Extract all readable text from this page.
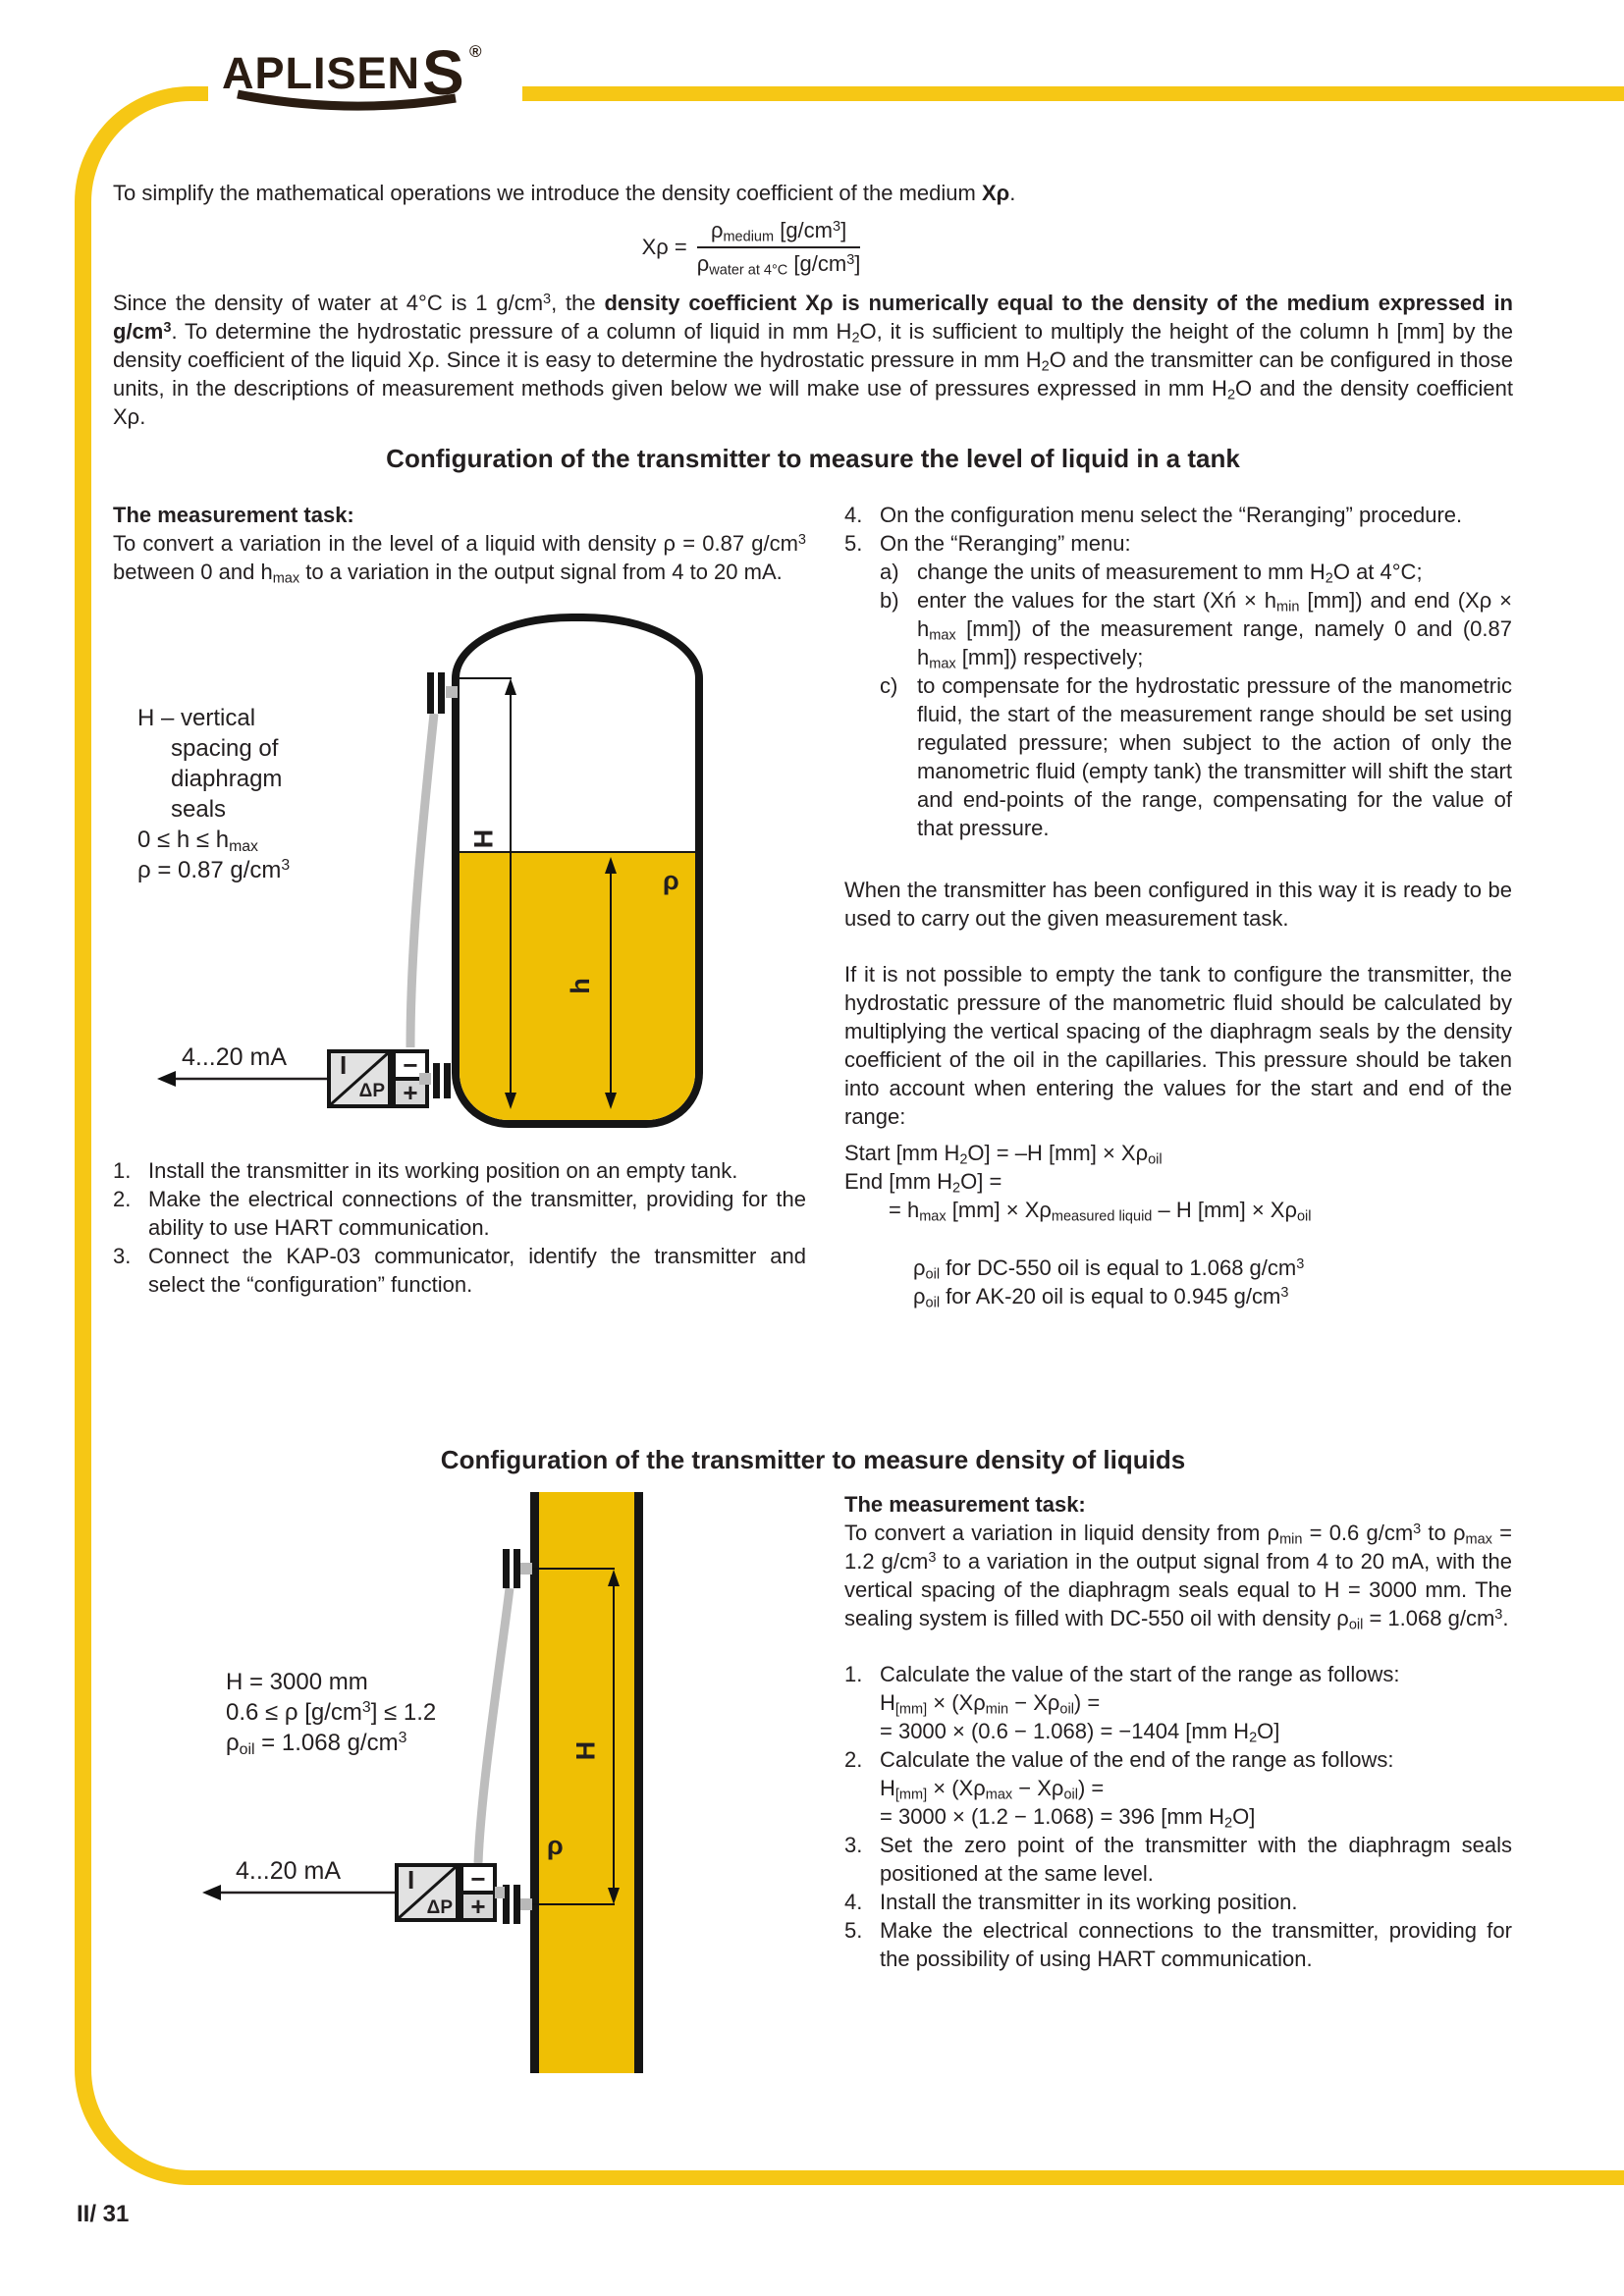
APLISEN S ®
To simplify the mathematical operations we introduce the density coefficient of the medium Xρ.
$X\rho = \frac{\rho_{medium} [g/cm^3]}{\rho_{water at 4^\circ C} [g/cm^3]}$
Since the density of water at 4°C is 1 $g/cm^3$, the density coefficient Xρ is numerically equal to the density of the medium expressed in $g/cm^3$. To determine the hydrostatic pressure of a column of liquid in mm $H_2O$, it is sufficient to multiply the height of the column h [mm] by the density coefficient of the liquid Xρ. Since it is easy to determine the hydrostatic pressure in mm $H_2O$ and the transmitter can be configured in those units, in the descriptions of measurement methods given below we will make use of pressures expressed in mm $H_2O$ and the density coefficient Xρ.
Configuration of the transmitter to measure the level of liquid in a tank
The measurement task:
To convert a variation in the level of a liquid with density ρ = 0.87 $g/cm^3$ between 0 and $h_{max}$ to a variation in the output signal from 4 to 20 mA.
I
ΔP
−
+
4...20 mA
H
h
ρ
H – vertical
spacing of
diaphragm
seals
$0 \le h \le h_{max}$
ρ = 0.87 $g/cm^3$
1. Install the transmitter in its working position on an empty tank.
2. Make the electrical connections of the transmitter, providing for the ability to use HART communication.
3. Connect the KAP-03 communicator, identify the transmitter and select the “configuration” function.
4. On the configuration menu select the “Reranging” procedure.
5. On the “Reranging” menu:
a) change the units of measurement to mm $H_2O$ at 4°C;
b) enter the values for the start (Xń × $h_{min}$ [mm]) and end ($X\rho \times h_{max}$ [mm]) of the measurement range, namely 0 and (0.87 $h_{max}$ [mm]) respectively;
c) to compensate for the hydrostatic pressure of the manometric fluid, the start of the measurement range should be set using regulated pressure; when subject to the action of only the manometric fluid (empty tank) the transmitter will shift the start and end-points of the range, compensating for the value of that pressure.
When the transmitter has been configured in this way it is ready to be used to carry out the given measurement task.
If it is not possible to empty the tank to configure the transmitter, the hydrostatic pressure of the manometric fluid should be calculated by multiplying the vertical spacing of the diaphragm seals by the density coefficient of the oil in the capillaries. This pressure should be taken into account when entering the values for the start and end of the range:
Start [mm $H_2O] = -H$ $[mm] \times X\rho_{oil}$
End [mm $H_2O$] =
= $h_{max}$ $[mm] \times X\rho_{measured liquid} - H$ $[mm] \times X\rho_{oil}$
$\rho_{oil}$ for DC-550 oil is equal to 1.068 $g/cm^3$
$\rho_{oil}$ for AK-20 oil is equal to 0.945 $g/cm^3$
Configuration of the transmitter to measure density of liquids
I
ΔP
−
+
4...20 mA
H
ρ
H = 3000 mm
0.6 ≤ ρ $[g/cm^3] \le 1.2$
$\rho_{oil} = 1.068$ $g/cm^3$
The measurement task:
To convert a variation in liquid density from $\rho_{min} = 0.6$ $g/cm^3$ to $\rho_{max} = 1.2$ $g/cm^3$ to a variation in the output signal from 4 to 20 mA, with the vertical spacing of the diaphragm seals equal to H = 3000 mm. The sealing system is filled with DC-550 oil with density $\rho_{oil} = 1.068$ $g/cm^3$.
1. Calculate the value of the start of the range as follows:
$H_{[mm]} \times (X\rho_{min} - X\rho_{oil})$ =
= 3000 × (0.6 − 1.068) = −1404 [mm $H_2O$]
2. Calculate the value of the end of the range as follows:
$H_{[mm]} \times (X\rho_{max} - X\rho_{oil})$ =
= 3000 × (1.2 − 1.068) = 396 [mm $H_2O$]
3. Set the zero point of the transmitter with the diaphragm seals positioned at the same level.
4. Install the transmitter in its working position.
5. Make the electrical connections to the transmitter, providing for the possibility of using HART communication.
II/ 31
